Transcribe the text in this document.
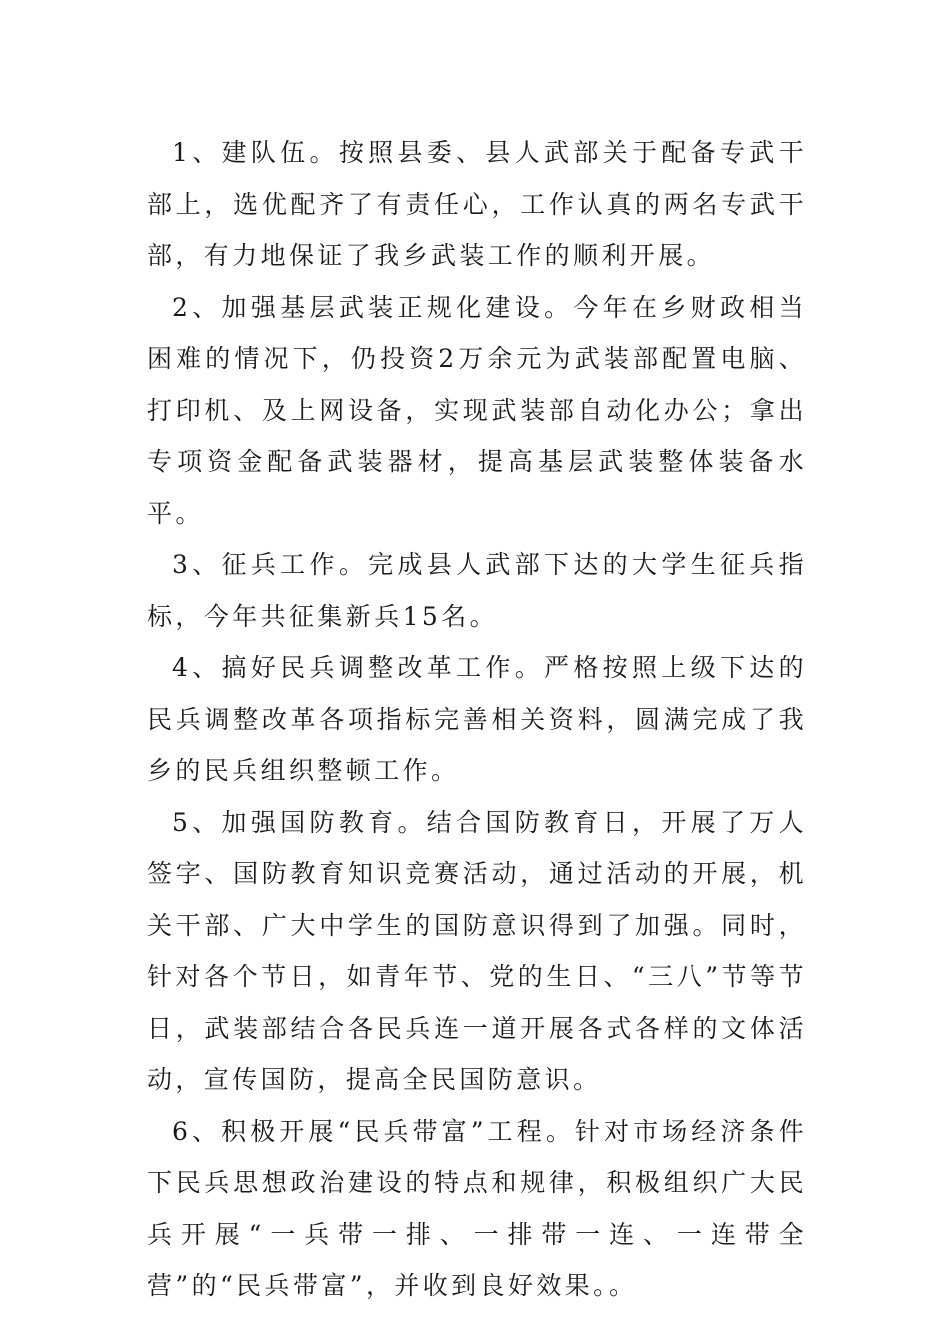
1、建队伍。按照县委、县人武部关于配备专武干部上，选优配齐了有责任心，工作认真的两名专武干部，有力地保证了我乡武装工作的顺利开展。

2、加强基层武装正规化建设。今年在乡财政相当困难的情况下，仍投资2万余元为武装部配置电脑、打印机、及上网设备，实现武装部自动化办公；拿出专项资金配备武装器材，提高基层武装整体装备水平。

3、征兵工作。完成县人武部下达的大学生征兵指标，今年共征集新兵15名。

4、搞好民兵调整改革工作。严格按照上级下达的民兵调整改革各项指标完善相关资料，圆满完成了我乡的民兵组织整顿工作。

5、加强国防教育。结合国防教育日，开展了万人签字、国防教育知识竞赛活动，通过活动的开展，机关干部、广大中学生的国防意识得到了加强。同时，针对各个节日，如青年节、党的生日、“三八”节等节日，武装部结合各民兵连一道开展各式各样的文体活动，宣传国防，提高全民国防意识。

6、积极开展“民兵带富”工程。针对市场经济条件下民兵思想政治建设的特点和规律，积极组织广大民兵开展“一兵带一排、一排带一连、一连带全营”的“民兵带富”，并收到良好效果。。
